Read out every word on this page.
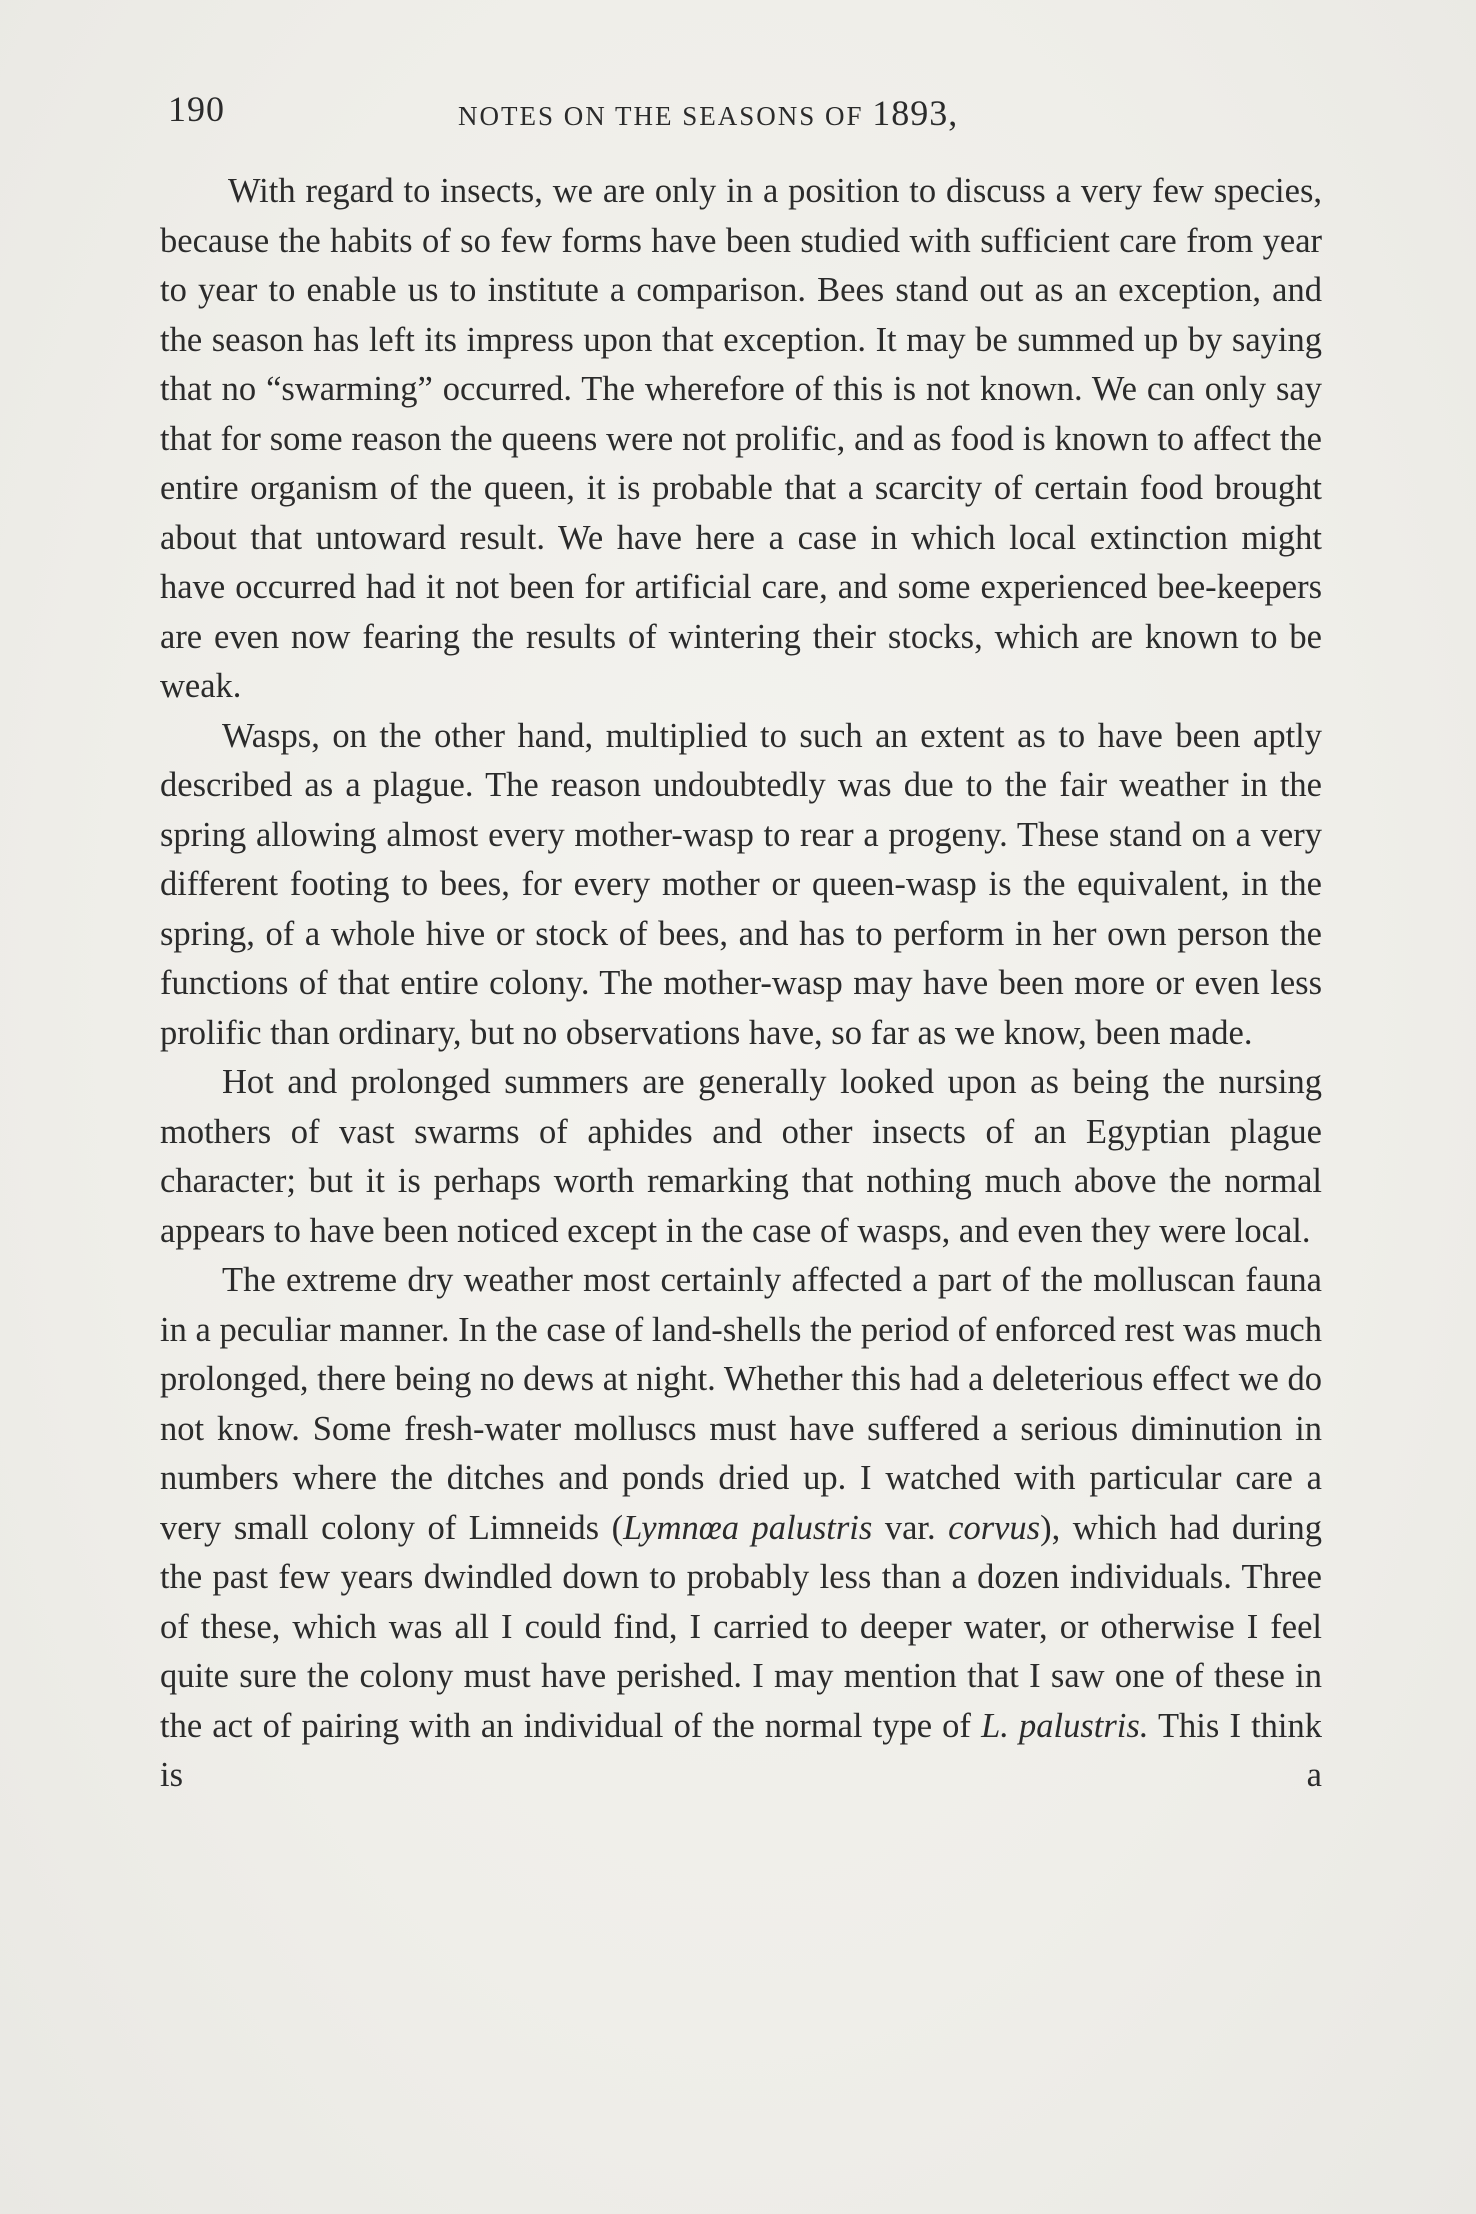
190	NOTES ON THE SEASONS OF 1893,

With regard to insects, we are only in a position to discuss a very few species, because the habits of so few forms have been studied with sufficient care from year to year to enable us to institute a comparison. Bees stand out as an exception, and the season has left its impress upon that exception. It may be summed up by saying that no “swarming” occurred. The wherefore of this is not known. We can only say that for some reason the queens were not prolific, and as food is known to affect the entire organism of the queen, it is probable that a scarcity of certain food brought about that untoward result. We have here a case in which local extinction might have occurred had it not been for artificial care, and some experienced bee-keepers are even now fearing the results of wintering their stocks, which are known to be weak.

Wasps, on the other hand, multiplied to such an extent as to have been aptly described as a plague. The reason undoubtedly was due to the fair weather in the spring allowing almost every mother-wasp to rear a progeny. These stand on a very different footing to bees, for every mother or queen-wasp is the equivalent, in the spring, of a whole hive or stock of bees, and has to perform in her own person the functions of that entire colony. The mother-wasp may have been more or even less prolific than ordinary, but no observations have, so far as we know, been made.

Hot and prolonged summers are generally looked upon as being the nursing mothers of vast swarms of aphides and other insects of an Egyptian plague character; but it is perhaps worth remarking that nothing much above the normal appears to have been noticed except in the case of wasps, and even they were local.

The extreme dry weather most certainly affected a part of the molluscan fauna in a peculiar manner. In the case of land-shells the period of enforced rest was much prolonged, there being no dews at night. Whether this had a deleterious effect we do not know. Some fresh-water molluscs must have suffered a serious diminution in numbers where the ditches and ponds dried up. I watched with particular care a very small colony of Limneids (Lymnœa palustris var. corvus), which had during the past few years dwindled down to probably less than a dozen individuals. Three of these, which was all I could find, I carried to deeper water, or otherwise I feel quite sure the colony must have perished. I may mention that I saw one of these in the act of pairing with an individual of the normal type of L. palustris. This I think is a
